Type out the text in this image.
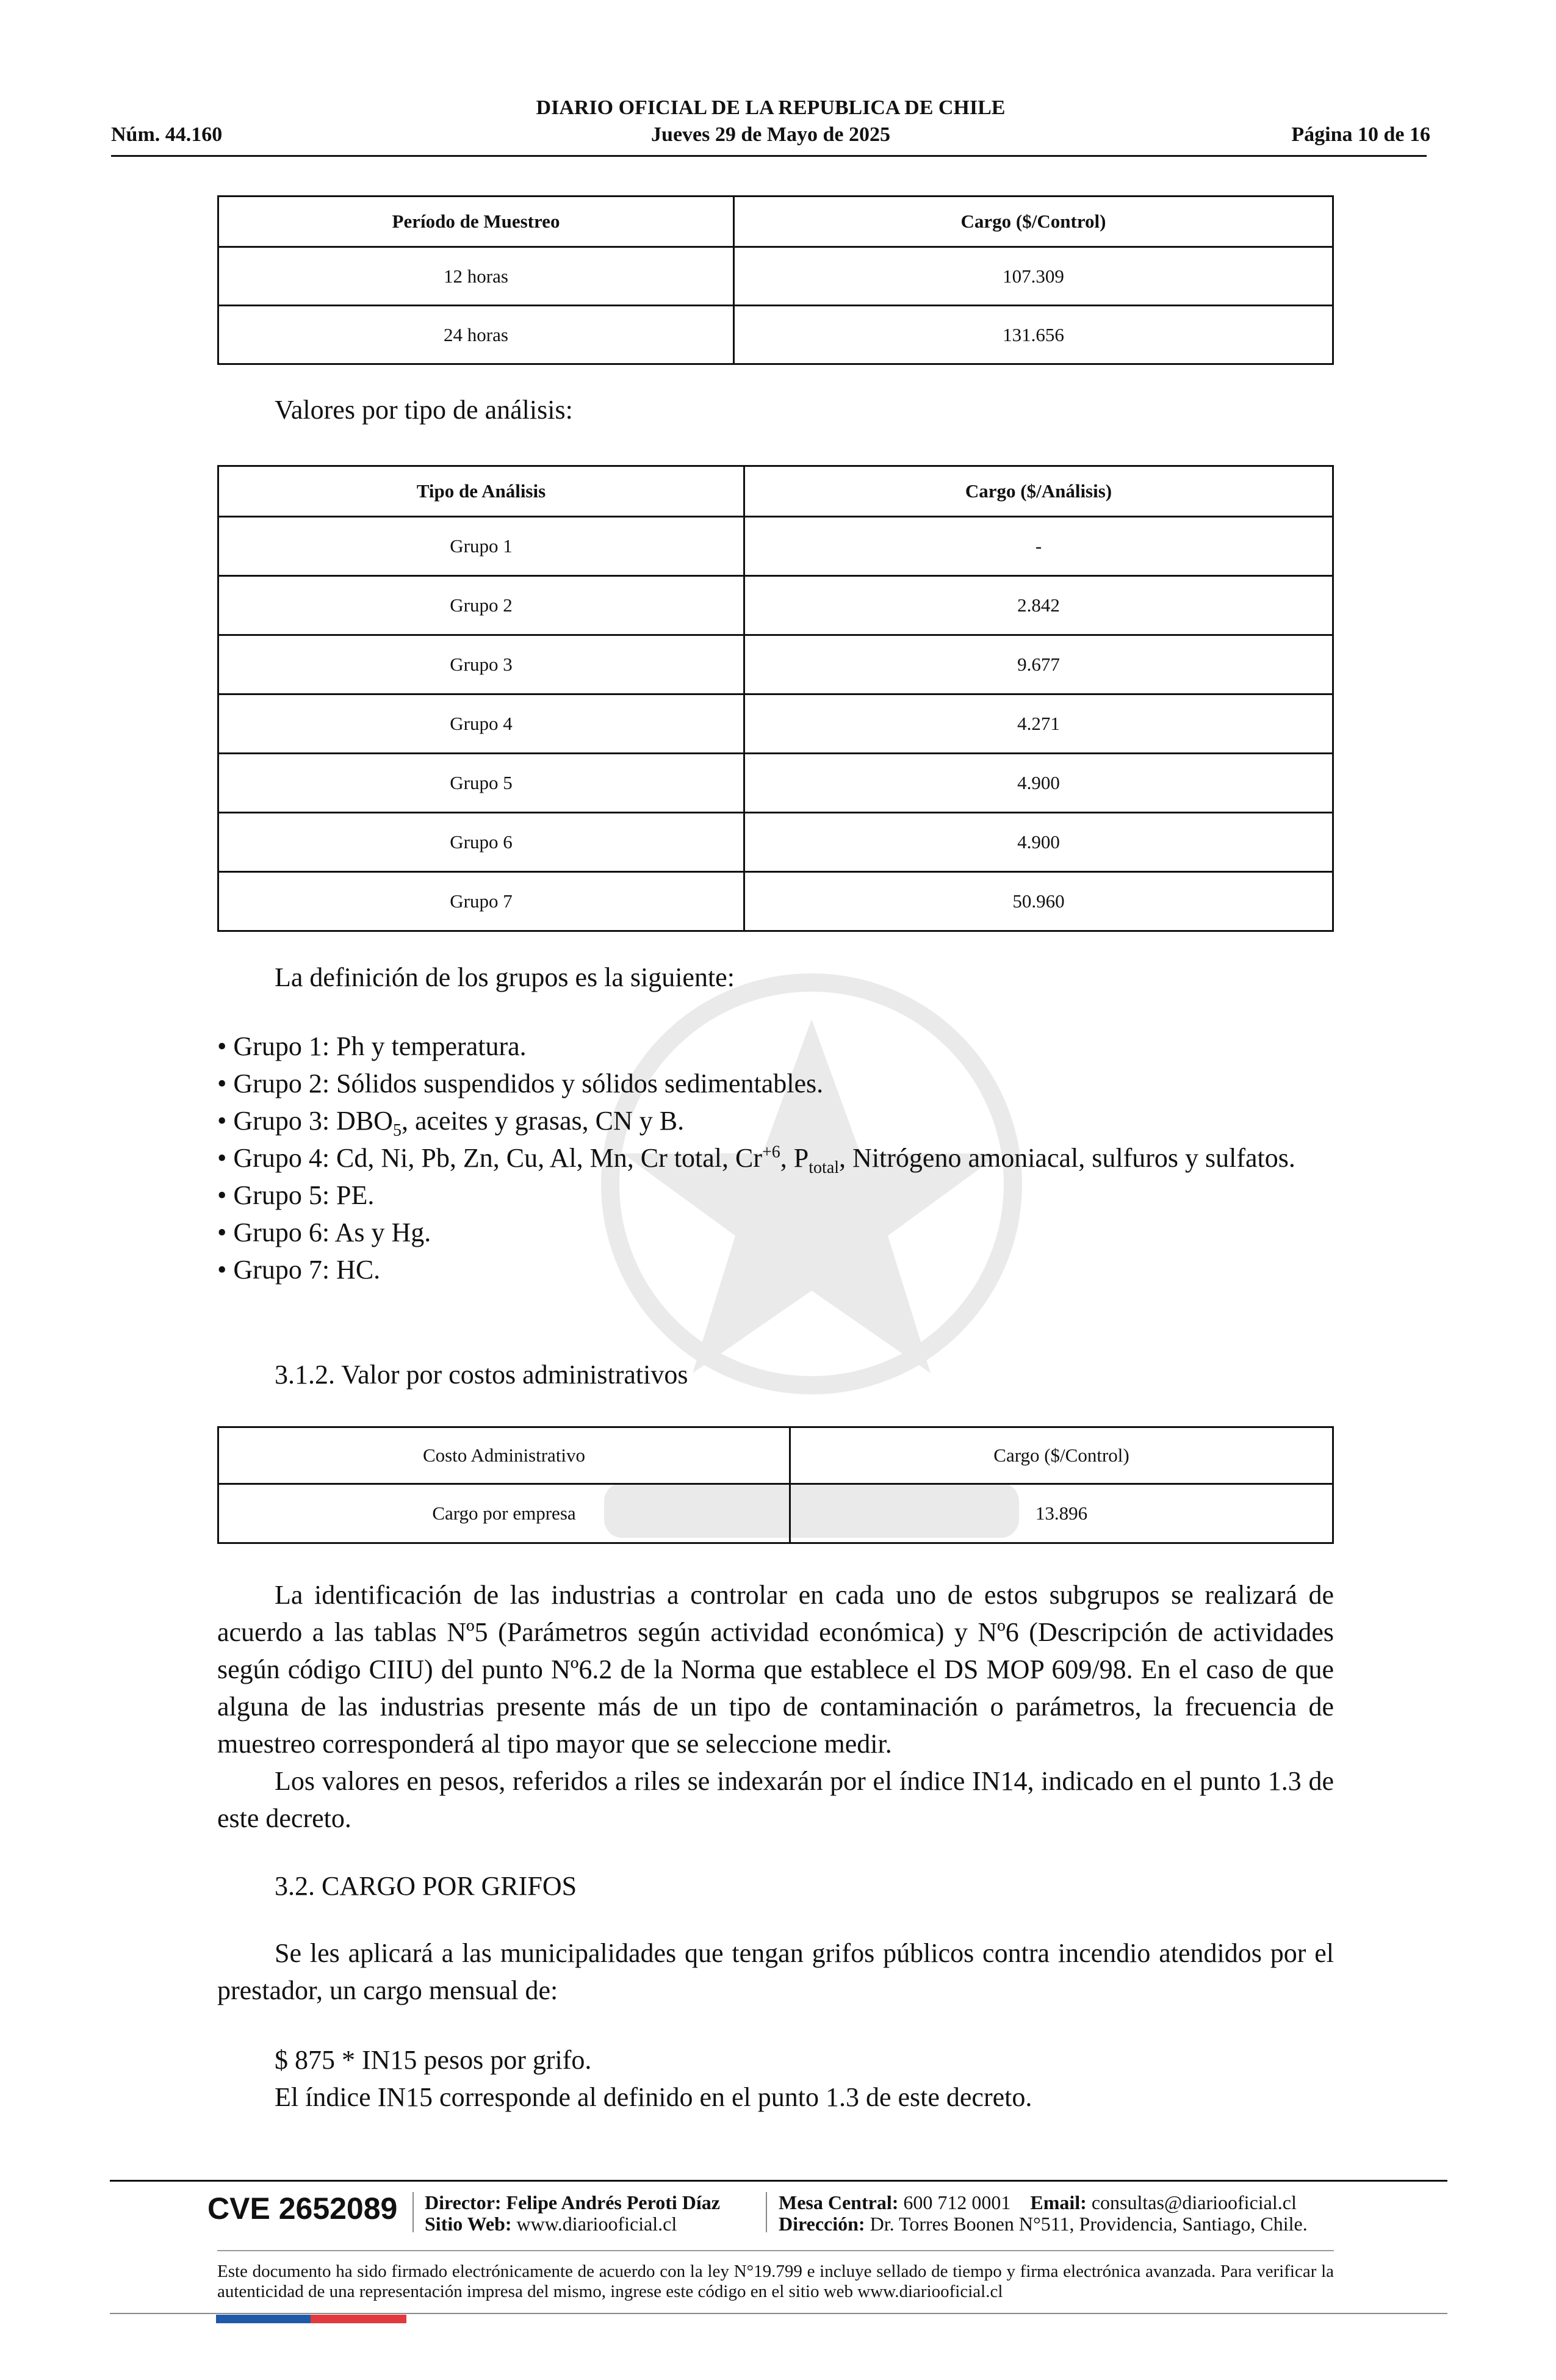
DIARIO OFICIAL DE LA REPUBLICA DE CHILE
Núm. 44.160	Jueves 29 de Mayo de 2025	Página 10 de 16
Período de Muestreo	Cargo ($/Control)
12 horas	107.309
24 horas	131.656
Valores por tipo de análisis:
Tipo de Análisis	Cargo ($/Análisis)
Grupo 1	-
Grupo 2	2.842
Grupo 3	9.677
Grupo 4	4.271
Grupo 5	4.900
Grupo 6	4.900
Grupo 7	50.960
La definición de los grupos es la siguiente:
• Grupo 1: Ph y temperatura.
• Grupo 2: Sólidos suspendidos y sólidos sedimentables.
• Grupo 3: $DBO_5$, aceites y grasas, CN y B.
• Grupo 4: Cd, Ni, Pb, Zn, Cu, Al, Mn, Cr total, $Cr^{+6}$, $P_{total}$, Nitrógeno amoniacal, sulfuros y sulfatos.
• Grupo 5: PE.
• Grupo 6: As y Hg.
• Grupo 7: HC.
3.1.2. Valor por costos administrativos
Costo Administrativo	Cargo ($/Control)
Cargo por empresa	13.896
La identificación de las industrias a controlar en cada uno de estos subgrupos se realizará de acuerdo a las tablas Nº5 (Parámetros según actividad económica) y Nº6 (Descripción de actividades según código CIIU) del punto Nº6.2 de la Norma que establece el DS MOP 609/98. En el caso de que alguna de las industrias presente más de un tipo de contaminación o parámetros, la frecuencia de muestreo corresponderá al tipo mayor que se seleccione medir.
Los valores en pesos, referidos a riles se indexarán por el índice IN14, indicado en el punto 1.3 de este decreto.
3.2. CARGO POR GRIFOS
Se les aplicará a las municipalidades que tengan grifos públicos contra incendio atendidos por el prestador, un cargo mensual de:
$ 875 * IN15 pesos por grifo.
El índice IN15 corresponde al definido en el punto 1.3 de este decreto.
CVE 2652089 Director: Felipe Andrés Peroti Díaz
Sitio Web: www.diariooficial.cl
Mesa Central: 600 712 0001 Email: consultas@diariooficial.cl
Dirección: Dr. Torres Boonen N°511, Providencia, Santiago, Chile.
Este documento ha sido firmado electrónicamente de acuerdo con la ley N°19.799 e incluye sellado de tiempo y firma electrónica avanzada. Para verificar la autenticidad de una representación impresa del mismo, ingrese este código en el sitio web www.diariooficial.cl
